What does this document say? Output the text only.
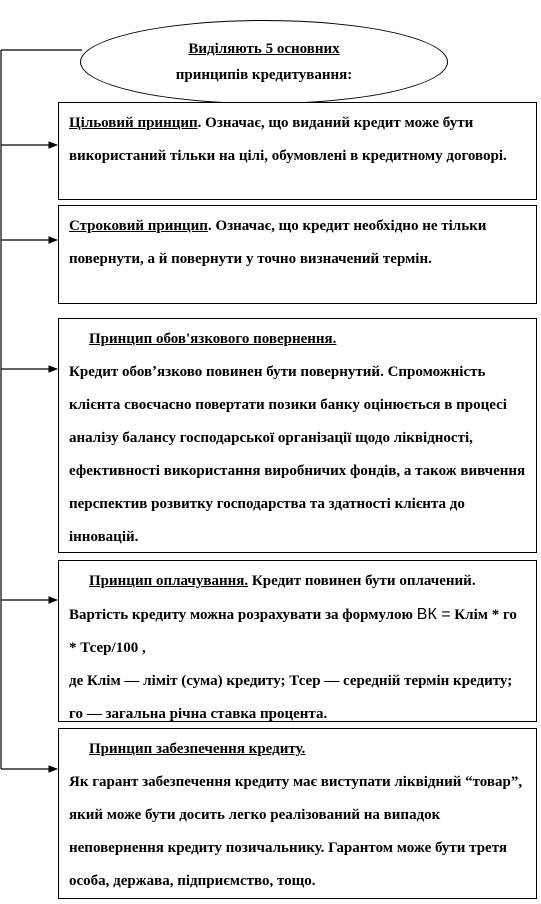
Виділяють 5 основних
принципів кредитування:

Цільовий принцип. Означає, що виданий кредит може бути використаний тільки на цілі, обумовлені в кредитному договорі.

Строковий принцип. Означає, що кредит необхідно не тільки повернути, а й повернути у точно визначений термін.

Принцип обов'язкового повернення.

Кредит обовʼязково повинен бути повернутий. Спроможність клієнта своєчасно повертати позики банку оцінюється в процесі аналізу балансу господарської організації щодо ліквідності, ефективності використання виробничих фондів, а також вивчення перспектив розвитку господарства та здатності клієнта до інновацій.

Принцип оплачування. Кредит повинен бути оплачений. Вартість кредиту можна розрахувати за формулою ВК = Клім * го * Тсер/100 ,

де Клім — ліміт (сума) кредиту; Тсер — середній термін кредиту; го — загальна річна ставка процента.

Принцип забезпечення кредиту.

Як гарант забезпечення кредиту має виступати ліквідний “товар”, який може бути досить легко реалізований на випадок неповернення кредиту позичальнику. Гарантом може бути третя особа, держава, підприємство, тощо.
